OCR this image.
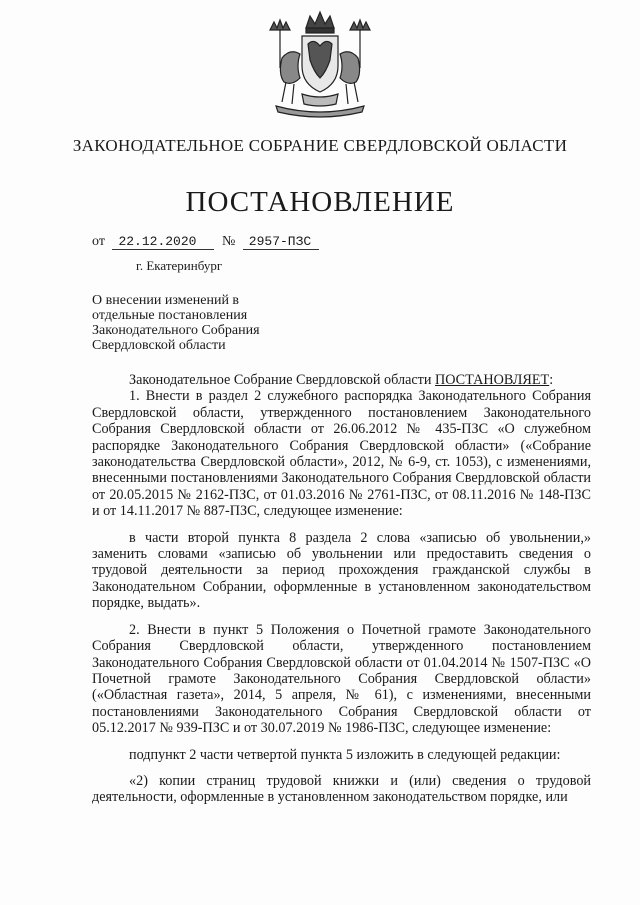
ЗАКОНОДАТЕЛЬНОЕ СОБРАНИЕ СВЕРДЛОВСКОЙ ОБЛАСТИ
ПОСТАНОВЛЕНИЕ
от 22.12.2020 № 2957-ПЗС
г. Екатеринбург
О внесении изменений в
отдельные постановления
Законодательного Собрания
Свердловской области

Законодательное Собрание Свердловской области ПОСТАНОВЛЯЕТ:

1. Внести в раздел 2 служебного распорядка Законодательного Собрания Свердловской области, утвержденного постановлением Законодательного Собрания Свердловской области от 26.06.2012 № 435-ПЗС «О служебном распорядке Законодательного Собрания Свердловской области» («Собрание законодательства Свердловской области», 2012, № 6-9, ст. 1053), с изменениями, внесенными постановлениями Законодательного Собрания Свердловской области от 20.05.2015 № 2162-ПЗС, от 01.03.2016 № 2761-ПЗС, от 08.11.2016 № 148-ПЗС и от 14.11.2017 № 887-ПЗС, следующее изменение:

в части второй пункта 8 раздела 2 слова «записью об увольнении,» заменить словами «записью об увольнении или предоставить сведения о трудовой деятельности за период прохождения гражданской службы в Законодательном Собрании, оформленные в установленном законодательством порядке, выдать».

2. Внести в пункт 5 Положения о Почетной грамоте Законодательного Собрания Свердловской области, утвержденного постановлением Законодательного Собрания Свердловской области от 01.04.2014 № 1507-ПЗС «О Почетной грамоте Законодательного Собрания Свердловской области» («Областная газета», 2014, 5 апреля, № 61), с изменениями, внесенными постановлениями Законодательного Собрания Свердловской области от 05.12.2017 № 939-ПЗС и от 30.07.2019 № 1986-ПЗС, следующее изменение:

подпункт 2 части четвертой пункта 5 изложить в следующей редакции:

«2) копии страниц трудовой книжки и (или) сведения о трудовой деятельности, оформленные в установленном законодательством порядке, или
